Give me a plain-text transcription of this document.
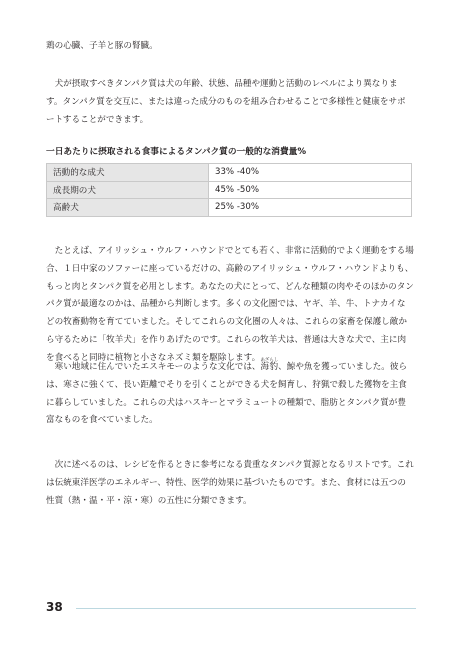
鶏の心臓、子羊と豚の腎臓。

犬が摂取すべきタンパク質は犬の年齢、状態、品種や運動と活動のレベルにより異なります。タンパク質を交互に、または違った成分のものを組み合わせることで多様性と健康をサポートすることができます。

一日あたりに摂取される食事によるタンパク質の一般的な消費量%

活動的な成犬	33% -40%
成長期の犬	45% -50%
高齢犬	25% -30%

たとえば、アイリッシュ・ウルフ・ハウンドでとても若く、非常に活動的でよく運動をする場合、１日中家のソファーに座っているだけの、高齢のアイリッシュ・ウルフ・ハウンドよりも、もっと肉とタンパク質を必用とします。あなたの犬にとって、どんな種類の肉やそのほかのタンパク質が最適なのかは、品種から判断します。多くの文化圏では、ヤギ、羊、牛、トナカイなどの牧畜動物を育てていました。そしてこれらの文化圏の人々は、これらの家畜を保護し敵から守るために「牧羊犬」を作りあげたのです。これらの牧羊犬は、普通は大きな犬で、主に肉を食べると同時に植物と小さなネズミ類を駆除します。

寒い地域に住んでいたエスキモーのような文化では、海豹あざらし、鯨や魚を獲っていました。彼らは、寒さに強くて、長い距離でそりを引くことができる犬を飼育し、狩猟で殺した獲物を主食に暮らしていました。これらの犬はハスキーとマラミュートの種類で、脂肪とタンパク質が豊富なものを食べていました。

次に述べるのは、レシピを作るときに参考になる貴重なタンパク質源となるリストです。これは伝統東洋医学のエネルギー、特性、医学的効果に基づいたものです。また、食材には五つの性質（熱・温・平・涼・寒）の五性に分類できます。

38
